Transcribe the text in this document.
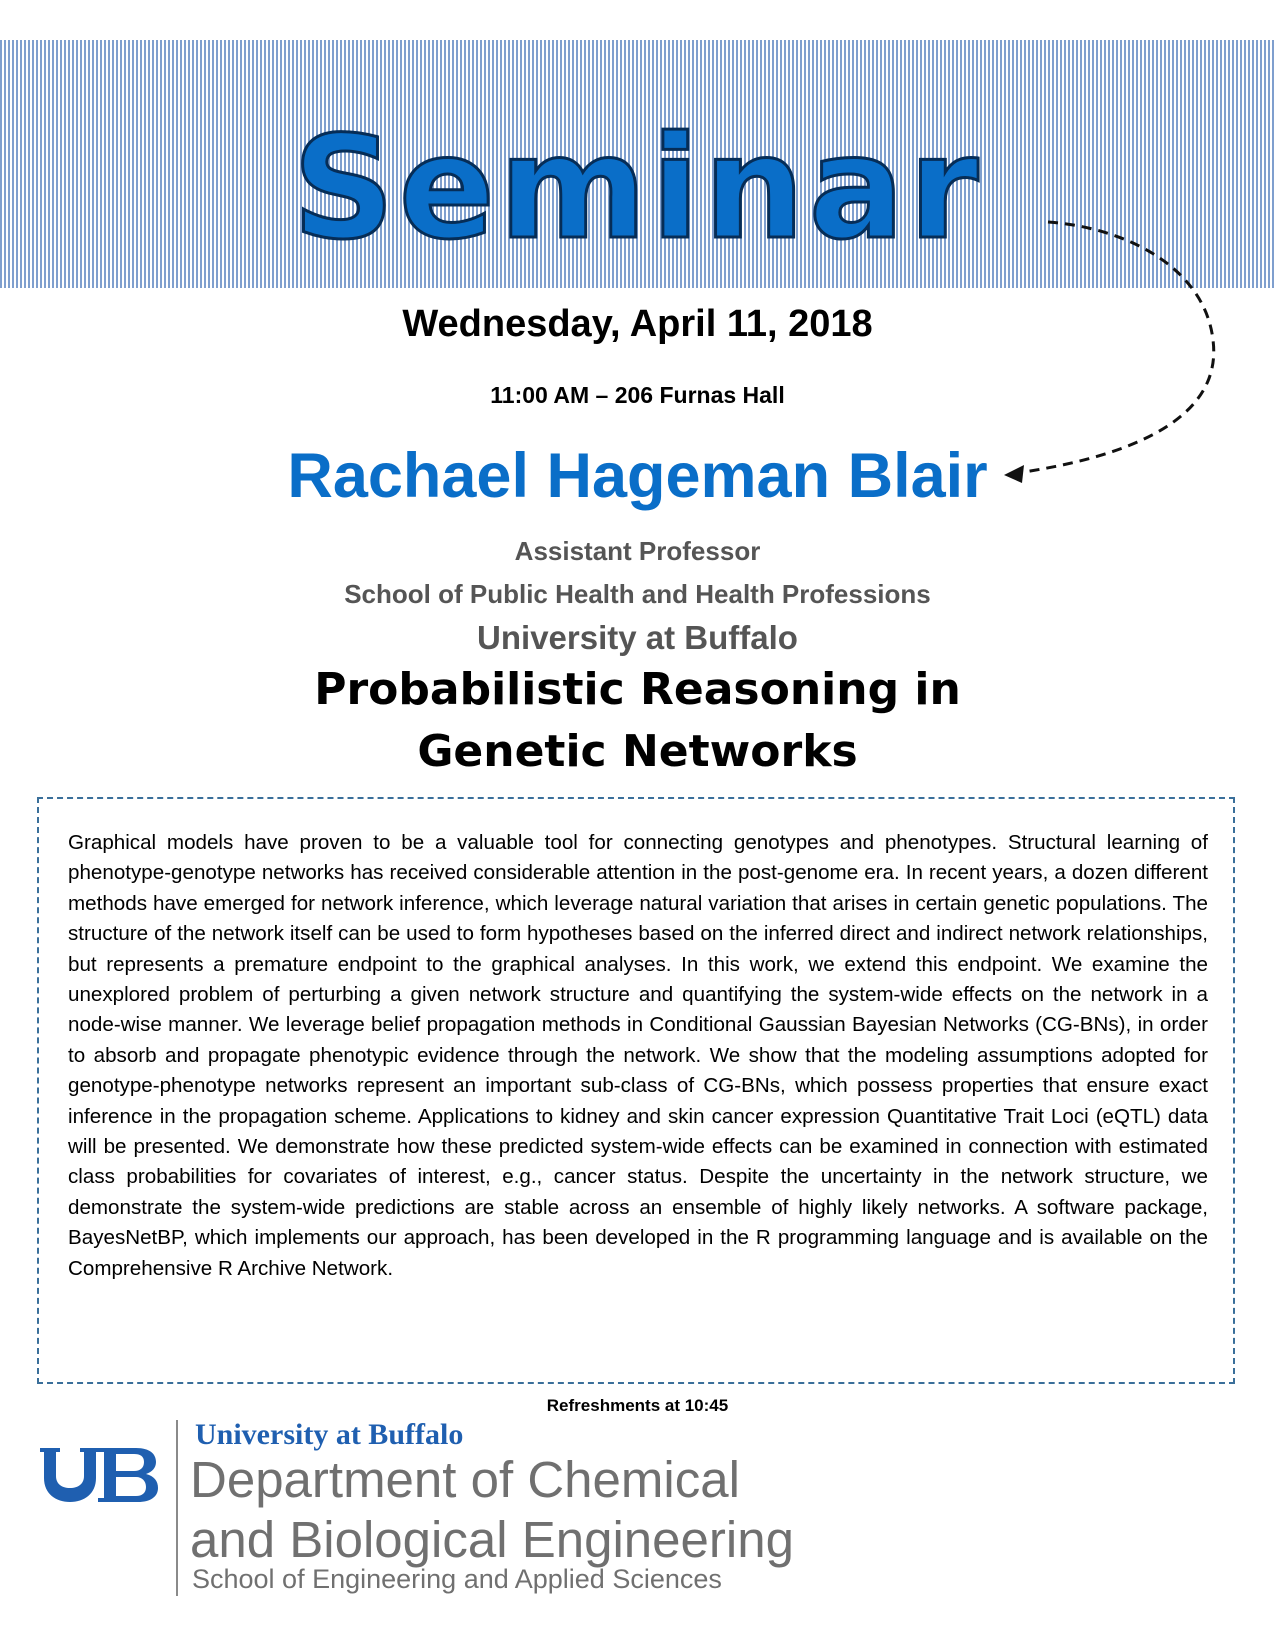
Seminar
Wednesday, April 11, 2018
11:00 AM – 206 Furnas Hall
Rachael Hageman Blair
Assistant Professor
School of Public Health and Health Professions
University at Buffalo
Probabilistic Reasoning in
Genetic Networks
Graphical models have proven to be a valuable tool for connecting genotypes and phenotypes. Structural learning of phenotype-genotype networks has received considerable attention in the post-genome era. In recent years, a dozen different methods have emerged for network inference, which leverage natural variation that arises in certain genetic populations. The structure of the network itself can be used to form hypotheses based on the inferred direct and indirect network relationships, but represents a premature endpoint to the graphical analyses. In this work, we extend this endpoint. We examine the unexplored problem of perturbing a given network structure and quantifying the system-wide effects on the network in a node-wise manner. We leverage belief propagation methods in Conditional Gaussian Bayesian Networks (CG-BNs), in order to absorb and propagate phenotypic evidence through the network. We show that the modeling assumptions adopted for genotype-phenotype networks represent an important sub-class of CG-BNs, which possess properties that ensure exact inference in the propagation scheme. Applications to kidney and skin cancer expression Quantitative Trait Loci (eQTL) data will be presented. We demonstrate how these predicted system-wide effects can be examined in connection with estimated class probabilities for covariates of interest, e.g., cancer status. Despite the uncertainty in the network structure, we demonstrate the system-wide predictions are stable across an ensemble of highly likely networks. A software package, BayesNetBP, which implements our approach, has been developed in the R programming language and is available on the Comprehensive R Archive Network.
Refreshments at 10:45
University at Buffalo
Department of Chemical
and Biological Engineering
School of Engineering and Applied Sciences
